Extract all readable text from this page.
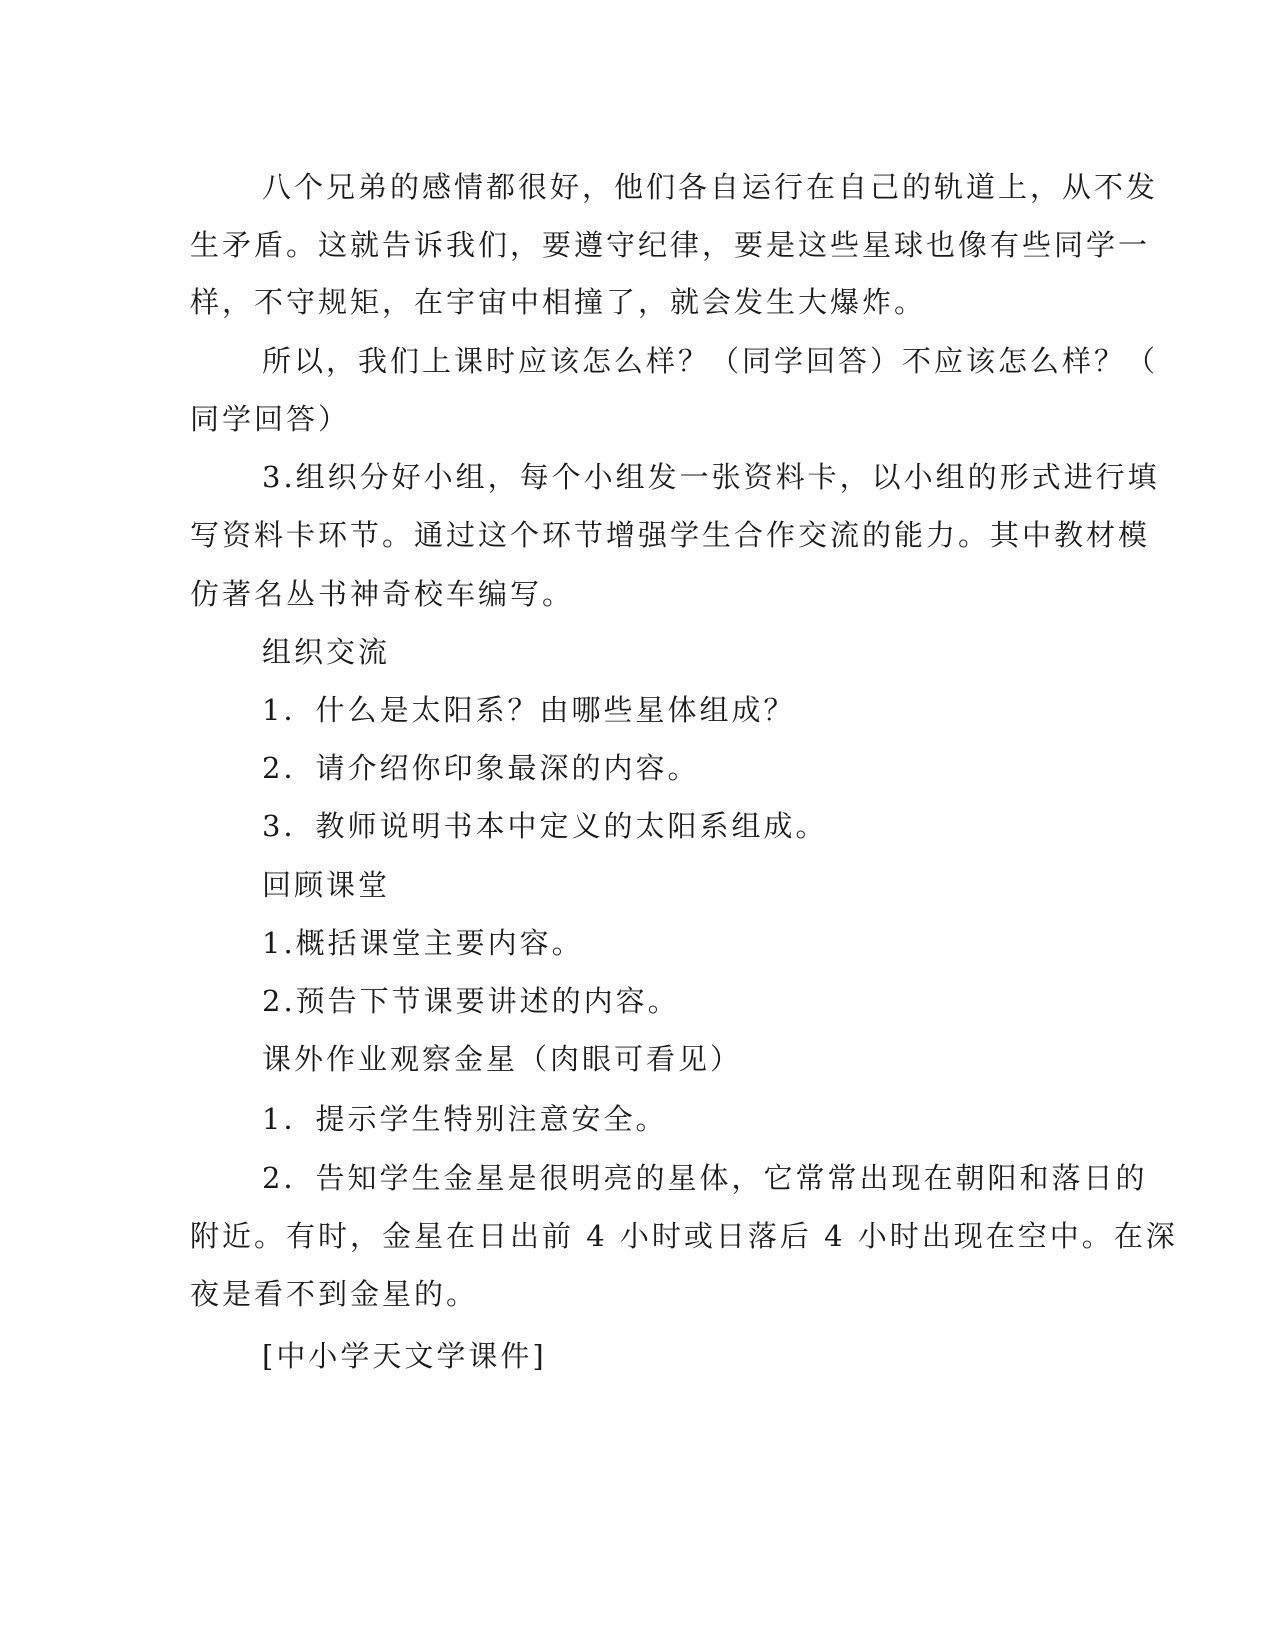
八个兄弟的感情都很好，他们各自运行在自己的轨道上，从不发
生矛盾。这就告诉我们，要遵守纪律，要是这些星球也像有些同学一
样，不守规矩，在宇宙中相撞了，就会发生大爆炸。
所以，我们上课时应该怎么样？（同学回答）不应该怎么样？（
同学回答）
3.组织分好小组，每个小组发一张资料卡，以小组的形式进行填
写资料卡环节。通过这个环节增强学生合作交流的能力。其中教材模
仿著名丛书神奇校车编写。
组织交流
1．什么是太阳系？由哪些星体组成？
2．请介绍你印象最深的内容。
3．教师说明书本中定义的太阳系组成。
回顾课堂
1.概括课堂主要内容。
2.预告下节课要讲述的内容。
课外作业观察金星（肉眼可看见）
1．提示学生特别注意安全。
2．告知学生金星是很明亮的星体，它常常出现在朝阳和落日的
附近。有时，金星在日出前 4 小时或日落后 4 小时出现在空中。在深
夜是看不到金星的。
[中小学天文学课件]
